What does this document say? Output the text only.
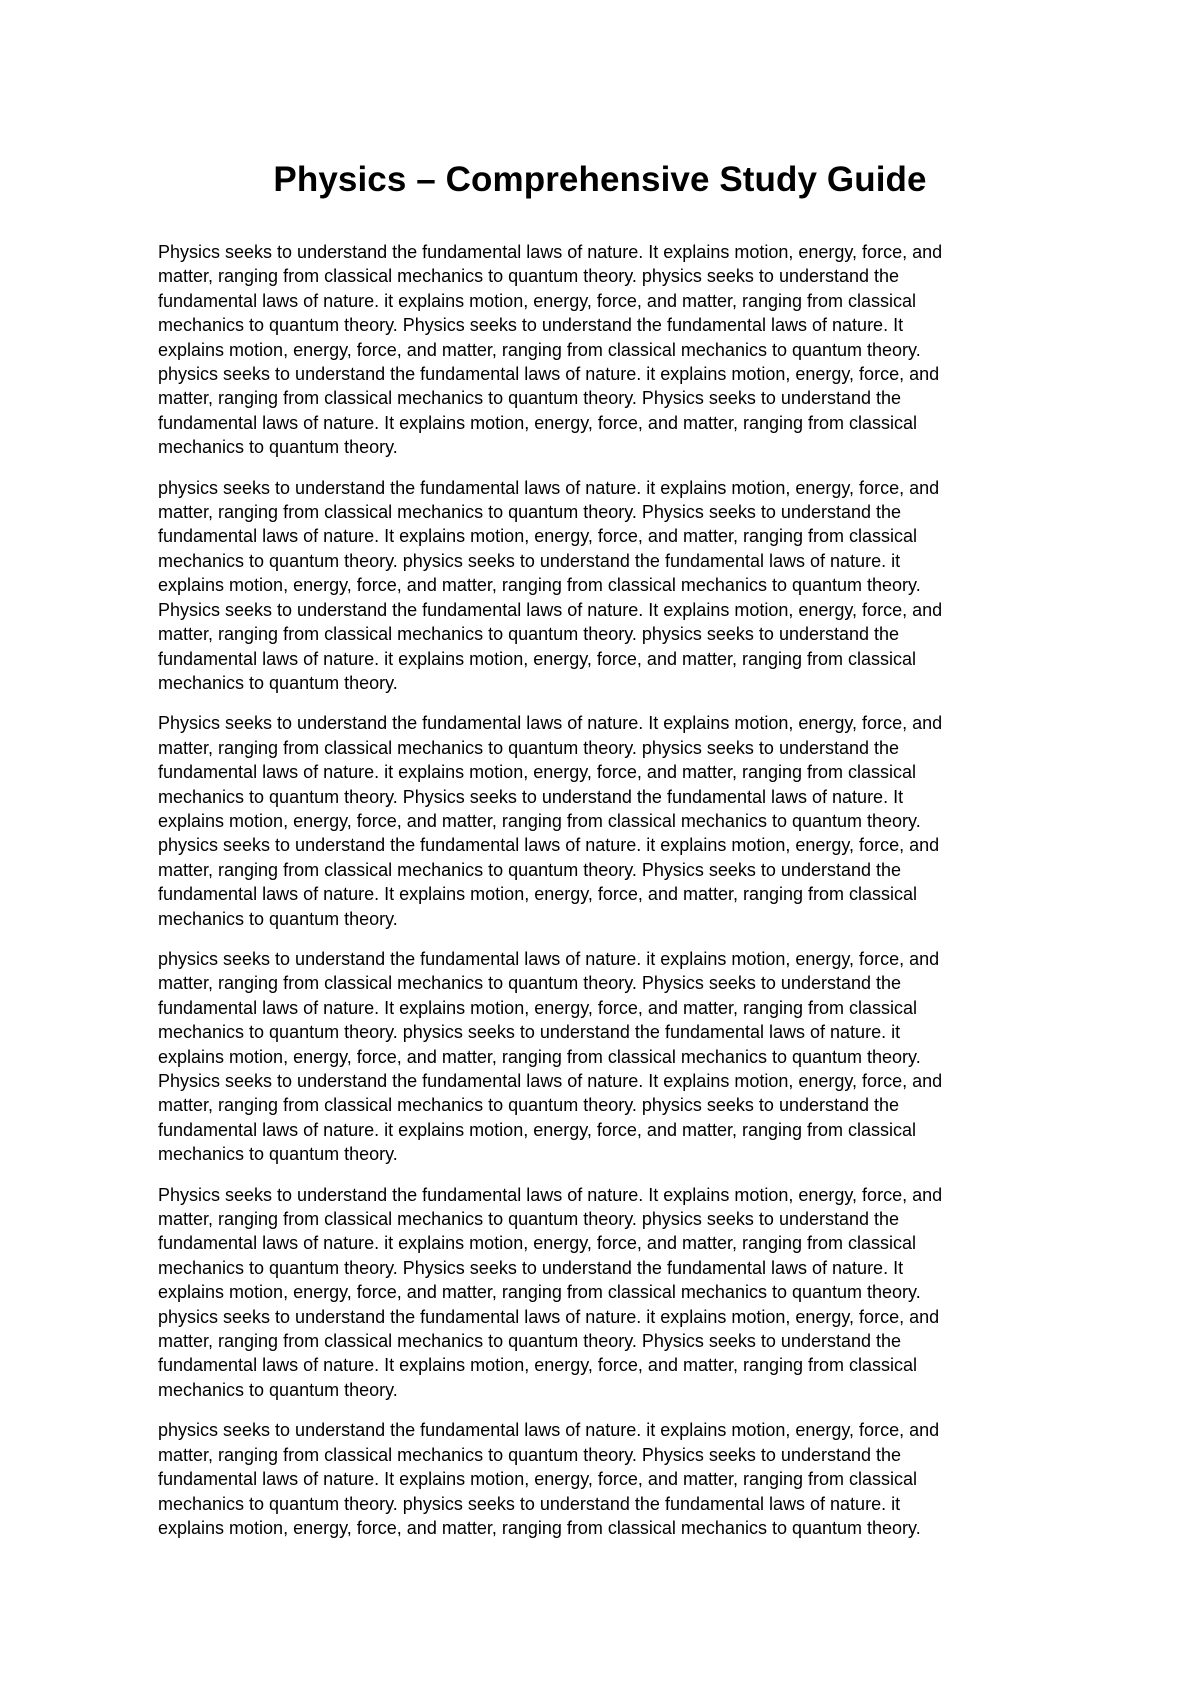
Physics – Comprehensive Study Guide

Physics seeks to understand the fundamental laws of nature. It explains motion, energy, force, and
matter, ranging from classical mechanics to quantum theory. physics seeks to understand the
fundamental laws of nature. it explains motion, energy, force, and matter, ranging from classical
mechanics to quantum theory. Physics seeks to understand the fundamental laws of nature. It
explains motion, energy, force, and matter, ranging from classical mechanics to quantum theory.
physics seeks to understand the fundamental laws of nature. it explains motion, energy, force, and
matter, ranging from classical mechanics to quantum theory. Physics seeks to understand the
fundamental laws of nature. It explains motion, energy, force, and matter, ranging from classical
mechanics to quantum theory.

physics seeks to understand the fundamental laws of nature. it explains motion, energy, force, and
matter, ranging from classical mechanics to quantum theory. Physics seeks to understand the
fundamental laws of nature. It explains motion, energy, force, and matter, ranging from classical
mechanics to quantum theory. physics seeks to understand the fundamental laws of nature. it
explains motion, energy, force, and matter, ranging from classical mechanics to quantum theory.
Physics seeks to understand the fundamental laws of nature. It explains motion, energy, force, and
matter, ranging from classical mechanics to quantum theory. physics seeks to understand the
fundamental laws of nature. it explains motion, energy, force, and matter, ranging from classical
mechanics to quantum theory.

Physics seeks to understand the fundamental laws of nature. It explains motion, energy, force, and
matter, ranging from classical mechanics to quantum theory. physics seeks to understand the
fundamental laws of nature. it explains motion, energy, force, and matter, ranging from classical
mechanics to quantum theory. Physics seeks to understand the fundamental laws of nature. It
explains motion, energy, force, and matter, ranging from classical mechanics to quantum theory.
physics seeks to understand the fundamental laws of nature. it explains motion, energy, force, and
matter, ranging from classical mechanics to quantum theory. Physics seeks to understand the
fundamental laws of nature. It explains motion, energy, force, and matter, ranging from classical
mechanics to quantum theory.

physics seeks to understand the fundamental laws of nature. it explains motion, energy, force, and
matter, ranging from classical mechanics to quantum theory. Physics seeks to understand the
fundamental laws of nature. It explains motion, energy, force, and matter, ranging from classical
mechanics to quantum theory. physics seeks to understand the fundamental laws of nature. it
explains motion, energy, force, and matter, ranging from classical mechanics to quantum theory.
Physics seeks to understand the fundamental laws of nature. It explains motion, energy, force, and
matter, ranging from classical mechanics to quantum theory. physics seeks to understand the
fundamental laws of nature. it explains motion, energy, force, and matter, ranging from classical
mechanics to quantum theory.

Physics seeks to understand the fundamental laws of nature. It explains motion, energy, force, and
matter, ranging from classical mechanics to quantum theory. physics seeks to understand the
fundamental laws of nature. it explains motion, energy, force, and matter, ranging from classical
mechanics to quantum theory. Physics seeks to understand the fundamental laws of nature. It
explains motion, energy, force, and matter, ranging from classical mechanics to quantum theory.
physics seeks to understand the fundamental laws of nature. it explains motion, energy, force, and
matter, ranging from classical mechanics to quantum theory. Physics seeks to understand the
fundamental laws of nature. It explains motion, energy, force, and matter, ranging from classical
mechanics to quantum theory.

physics seeks to understand the fundamental laws of nature. it explains motion, energy, force, and
matter, ranging from classical mechanics to quantum theory. Physics seeks to understand the
fundamental laws of nature. It explains motion, energy, force, and matter, ranging from classical
mechanics to quantum theory. physics seeks to understand the fundamental laws of nature. it
explains motion, energy, force, and matter, ranging from classical mechanics to quantum theory.
